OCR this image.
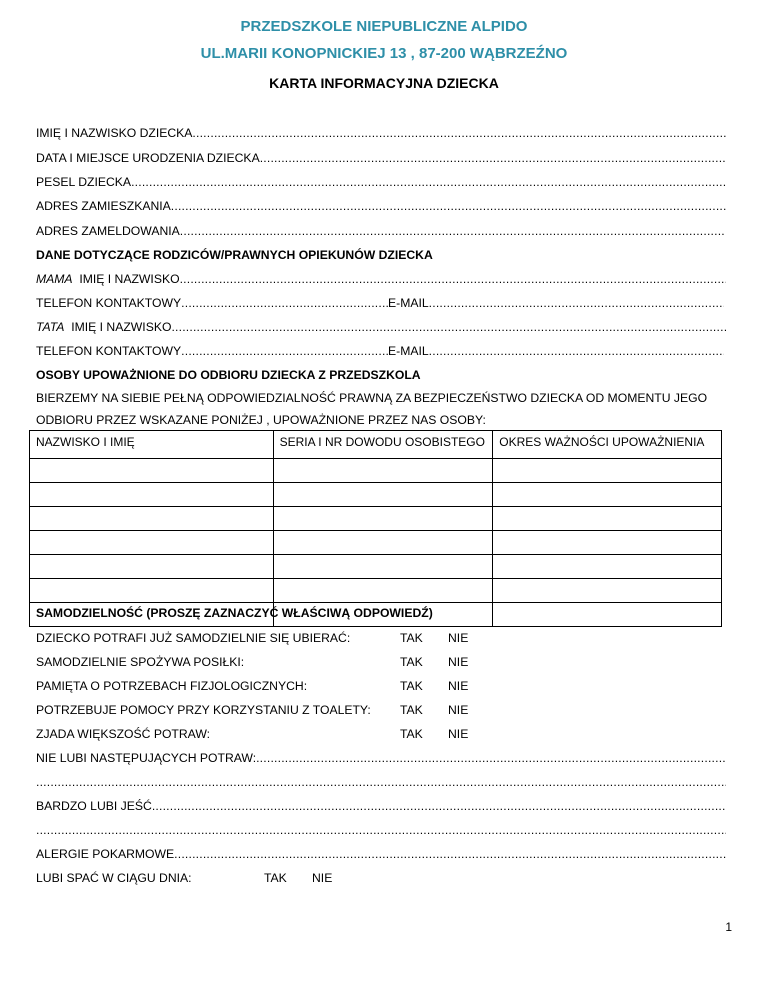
PRZEDSZKOLE NIEPUBLICZNE ALPIDO
UL.MARII KONOPNICKIEJ 13 , 87-200 WĄBRZEŹNO
KARTA INFORMACYJNA DZIECKA
IMIĘ I NAZWISKO DZIECKA .....
DATA I MIEJSCE URODZENIA DZIECKA .....
PESEL DZIECKA .....
ADRES ZAMIESZKANIA .....
ADRES ZAMELDOWANIA .....
DANE DOTYCZĄCE RODZICÓW/PRAWNYCH OPIEKUNÓW DZIECKA
MAMA IMIĘ I NAZWISKO .....
TELEFON KONTAKTOWY .....	E-MAIL .....
TATA IMIĘ I NAZWISKO .....
TELEFON KONTAKTOWY .....	E-MAIL .....
OSOBY UPOWAŻNIONE DO ODBIORU DZIECKA Z PRZEDSZKOLA
BIERZEMY NA SIEBIE PEŁNĄ ODPOWIEDZIALNOŚĆ PRAWNĄ ZA BEZPIECZEŃSTWO DZIECKA OD MOMENTU JEGO
ODBIORU PRZEZ WSKAZANE PONIŻEJ , UPOWAŻNIONE PRZEZ NAS OSOBY:
NAZWISKO I IMIĘ	SERIA I NR DOWODU OSOBISTEGO	OKRES WAŻNOŚCI UPOWAŻNIENIA

SAMODZIELNOŚĆ (PROSZĘ ZAZNACZYĆ WŁAŚCIWĄ ODPOWIEDŹ)
DZIECKO POTRAFI JUŻ SAMODZIELNIE SIĘ UBIERAĆ:	TAK NIE
SAMODZIELNIE SPOŻYWA POSIŁKI:	TAK NIE
PAMIĘTA O POTRZEBACH FIZJOLOGICZNYCH:	TAK NIE
POTRZEBUJE POMOCY PRZY KORZYSTANIU Z TOALETY: TAK NIE
ZJADA WIĘKSZOŚĆ POTRAW:	TAK NIE
NIE LUBI NASTĘPUJĄCYCH POTRAW: .....
.....
BARDZO LUBI JEŚĆ .....
.....
ALERGIE POKARMOWE .....
LUBI SPAĆ W CIĄGU DNIA:	TAK NIE
1
